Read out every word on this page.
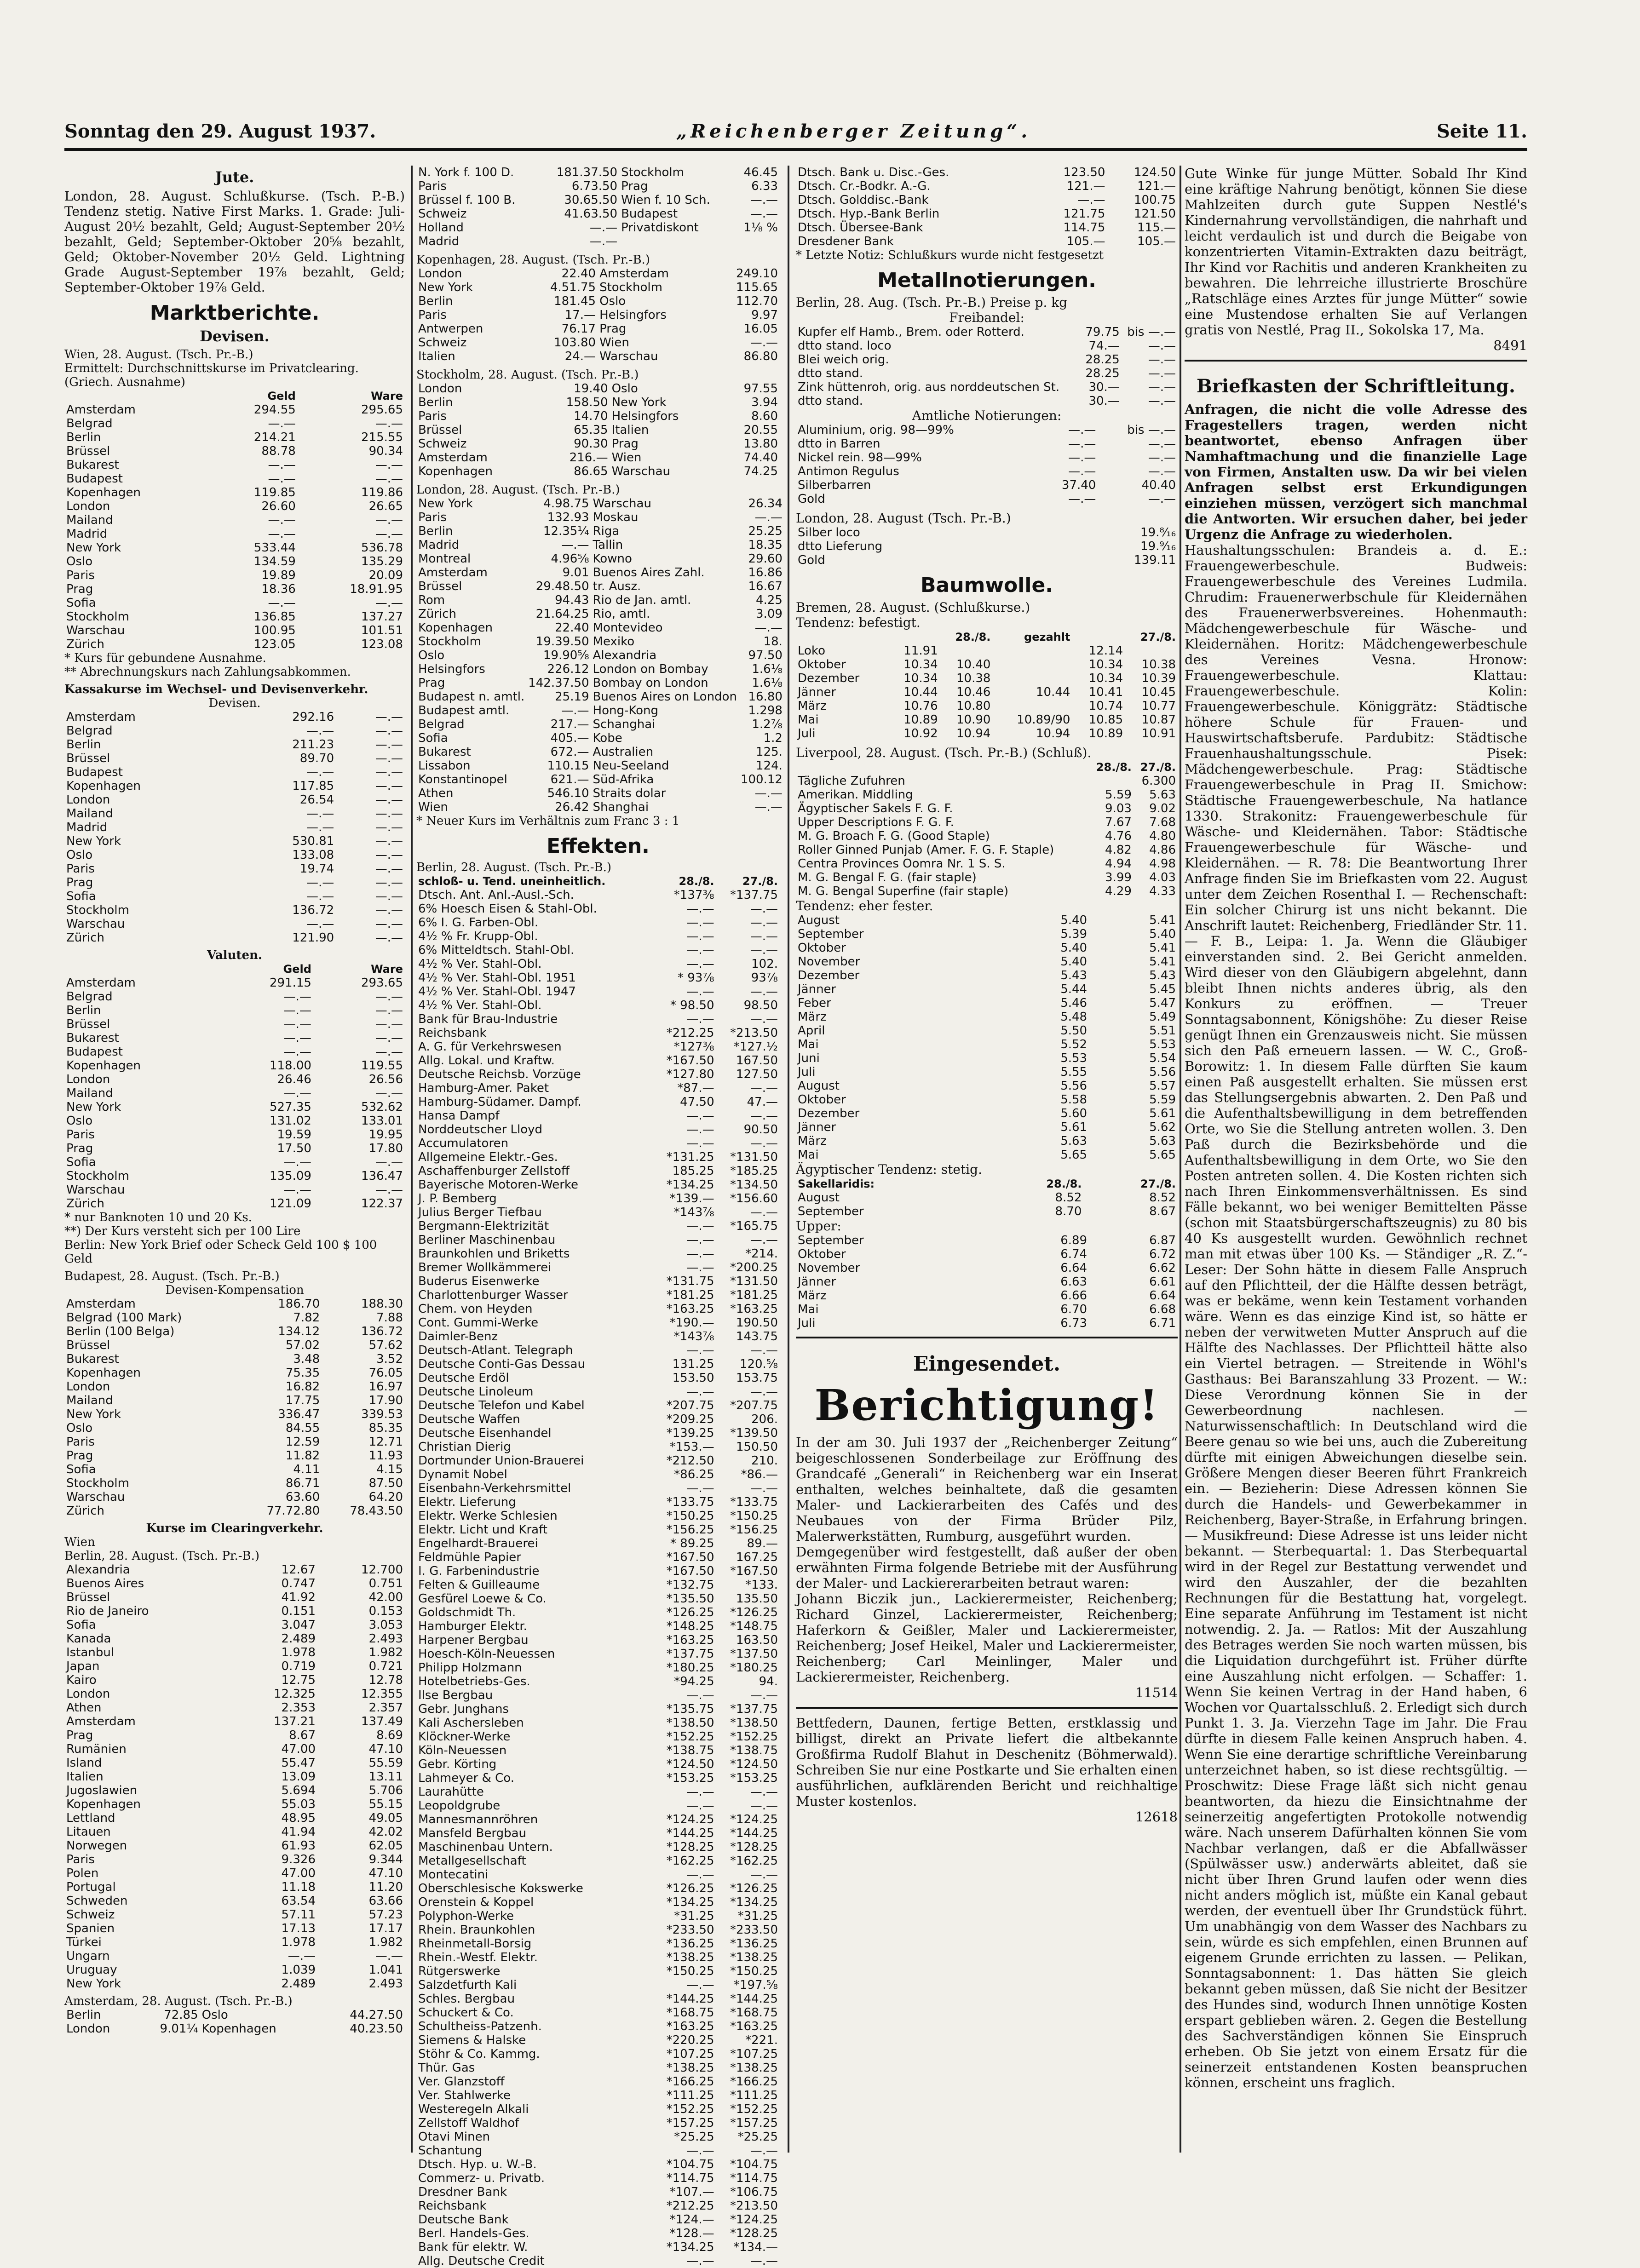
Sonntag den 29. August 1937.	„Reichenberger Zeitung“.	Seite 11.

Jute.

London, 28. August. Schlußkurse. (Tsch. P.-B.) Tendenz stetig. Native First Marks. 1. Grade: Juli-August 20½ bezahlt, Geld; August-September 20½ bezahlt, Geld; September-Oktober 20⅝ bezahlt, Geld; Oktober-November 20½ Geld. Lightning Grade August-September 19⅞ bezahlt, Geld; September-Oktober 19⅞ Geld.

Marktberichte.

Devisen.

Wien, 28. August. (Tsch. Pr.-B.)

Ermittelt: Durchschnittskurse im Privatclearing. (Griech. Ausnahme)

	Geld	Ware
Amsterdam	294.55	295.65
Belgrad	—.—	—.—
Berlin	214.21	215.55
Brüssel	88.78	90.34
Bukarest	—.—	—.—
Budapest	—.—	—.—
Kopenhagen	119.85	119.86
London	26.60	26.65
Mailand	—.—	—.—
Madrid	—.—	—.—
New York	533.44	536.78
Oslo	134.59	135.29
Paris	19.89	20.09
Prag	18.36	18.91.95
Sofia	—.—	—.—
Stockholm	136.85	137.27
Warschau	100.95	101.51
Zürich	123.05	123.08

* Kurs für gebundene Ausnahme.

** Abrechnungskurs nach Zahlungsabkommen.

Kassakurse im Wechsel- und Devisenverkehr.

Devisen.

Amsterdam	292.16	—.—
Belgrad	—.—	—.—
Berlin	211.23	—.—
Brüssel	89.70	—.—
Budapest	—.—	—.—
Kopenhagen	117.85	—.—
London	26.54	—.—
Mailand	—.—	—.—
Madrid	—.—	—.—
New York	530.81	—.—
Oslo	133.08	—.—
Paris	19.74	—.—
Prag	—.—	—.—
Sofia	—.—	—.—
Stockholm	136.72	—.—
Warschau	—.—	—.—
Zürich	121.90	—.—

Valuten.

	Geld	Ware
Amsterdam	291.15	293.65
Belgrad	—.—	—.—
Berlin	—.—	—.—
Brüssel	—.—	—.—
Bukarest	—.—	—.—
Budapest	—.—	—.—
Kopenhagen	118.00	119.55
London	26.46	26.56
Mailand	—.—	—.—
New York	527.35	532.62
Oslo	131.02	133.01
Paris	19.59	19.95
Prag	17.50	17.80
Sofia	—.—	—.—
Stockholm	135.09	136.47
Warschau	—.—	—.—
Zürich	121.09	122.37

* nur Banknoten 10 und 20 Ks.

**) Der Kurs versteht sich per 100 Lire

Berlin: New York Brief oder Scheck Geld 100 $ 100 Geld

Budapest, 28. August. (Tsch. Pr.-B.)

Devisen-Kompensation

Amsterdam	186.70	188.30
Belgrad (100 Mark)	7.82	7.88
Berlin (100 Belga)	134.12	136.72
Brüssel	57.02	57.62
Bukarest	3.48	3.52
Kopenhagen	75.35	76.05
London	16.82	16.97
Mailand	17.75	17.90
New York	336.47	339.53
Oslo	84.55	85.35
Paris	12.59	12.71
Prag	11.82	11.93
Sofia	4.11	4.15
Stockholm	86.71	87.50
Warschau	63.60	64.20
Zürich	77.72.80	78.43.50

Kurse im Clearingverkehr.

Wien

Berlin, 28. August. (Tsch. Pr.-B.)

Alexandria	12.67	12.700
Buenos Aires	0.747	0.751
Brüssel	41.92	42.00
Rio de Janeiro	0.151	0.153
Sofia	3.047	3.053
Kanada	2.489	2.493
Istanbul	1.978	1.982
Japan	0.719	0.721
Kairo	12.75	12.78
London	12.325	12.355
Athen	2.353	2.357
Amsterdam	137.21	137.49
Prag	8.67	8.69
Rumänien	47.00	47.10
Island	55.47	55.59
Italien	13.09	13.11
Jugoslawien	5.694	5.706
Kopenhagen	55.03	55.15
Lettland	48.95	49.05
Litauen	41.94	42.02
Norwegen	61.93	62.05
Paris	9.326	9.344
Polen	47.00	47.10
Portugal	11.18	11.20
Schweden	63.54	63.66
Schweiz	57.11	57.23
Spanien	17.13	17.17
Türkei	1.978	1.982
Ungarn	—.—	—.—
Uruguay	1.039	1.041
New York	2.489	2.493

Amsterdam, 28. August. (Tsch. Pr.-B.)

Berlin	72.85	Oslo	44.27.50
London	9.01¼	Kopenhagen	40.23.50
N. York f. 100 D.	181.37.50	Stockholm	46.45
Paris	6.73.50	Prag	6.33
Brüssel f. 100 B.	30.65.50	Wien f. 10 Sch.	—.—
Schweiz	41.63.50	Budapest	—.—
Holland	—.—	Privatdiskont	1⅛ %
Madrid	—.—		

Kopenhagen, 28. August. (Tsch. Pr.-B.)

London	22.40	Amsterdam	249.10
New York	4.51.75	Stockholm	115.65
Berlin	181.45	Oslo	112.70
Paris	17.—	Helsingfors	9.97
Antwerpen	76.17	Prag	16.05
Schweiz	103.80	Wien	—.—
Italien	24.—	Warschau	86.80

Stockholm, 28. August. (Tsch. Pr.-B.)

London	19.40	Oslo	97.55
Berlin	158.50	New York	3.94
Paris	14.70	Helsingfors	8.60
Brüssel	65.35	Italien	20.55
Schweiz	90.30	Prag	13.80
Amsterdam	216.—	Wien	74.40
Kopenhagen	86.65	Warschau	74.25

London, 28. August. (Tsch. Pr.-B.)

New York	4.98.75	Warschau	26.34
Paris	132.93	Moskau	—.—
Berlin	12.35¼	Riga	25.25
Madrid	—.—	Tallin	18.35
Montreal	4.96⅝	Kowno	29.60
Amsterdam	9.01	Buenos Aires Zahl.	16.86
Brüssel	29.48.50	tr. Ausz.	16.67
Rom	94.43	Rio de Jan. amtl.	4.25
Zürich	21.64.25	Rio, amtl.	3.09
Kopenhagen	22.40	Montevideo	—.—
Stockholm	19.39.50	Mexiko	18.
Oslo	19.90⅝	Alexandria	97.50
Helsingfors	226.12	London on Bombay	1.6⅛
Prag	142.37.50	Bombay on London	1.6⅛
Budapest n. amtl.	25.19	Buenos Aires on London	16.80
Budapest amtl.	—.—	Hong-Kong	1.298
Belgrad	217.—	Schanghai	1.2⅞
Sofia	405.—	Kobe	1.2
Bukarest	672.—	Australien	125.
Lissabon	110.15	Neu-Seeland	124.
Konstantinopel	621.—	Süd-Afrika	100.12
Athen	546.10	Straits dolar	—.—
Wien	26.42	Shanghai	—.—

* Neuer Kurs im Verhältnis zum Franc 3 : 1

Effekten.

Berlin, 28. August. (Tsch. Pr.-B.)

schloß- u. Tend. uneinheitlich.	28./8.	27./8.
Dtsch. Ant. Anl.-Ausl.-Sch.	*137⅜	*137.75
6% Hoesch Eisen & Stahl-Obl.	—.—	—.—
6% I. G. Farben-Obl.	—.—	—.—
4½ % Fr. Krupp-Obl.	—.—	—.—
6% Mitteldtsch. Stahl-Obl.	—.—	—.—
4½ % Ver. Stahl-Obl.	—.—	102.
4½ % Ver. Stahl-Obl. 1951	* 93⅞	93⅞
4½ % Ver. Stahl-Obl. 1947	—.—	—.—
4½ % Ver. Stahl-Obl.	* 98.50	98.50
Bank für Brau-Industrie	—.—	—.—
Reichsbank	*212.25	*213.50
A. G. für Verkehrswesen	*127⅜	*127.½
Allg. Lokal. und Kraftw.	*167.50	167.50
Deutsche Reichsb. Vorzüge	*127.80	127.50
Hamburg-Amer. Paket	*87.—	—.—
Hamburg-Südamer. Dampf.	47.50	47.—
Hansa Dampf	—.—	—.—
Norddeutscher Lloyd	—.—	90.50
Accumulatoren	—.—	—.—
Allgemeine Elektr.-Ges.	*131.25	*131.50
Aschaffenburger Zellstoff	185.25	*185.25
Bayerische Motoren-Werke	*134.25	*134.50
J. P. Bemberg	*139.—	*156.60
Julius Berger Tiefbau	*143⅞	—.—
Bergmann-Elektrizität	—.—	*165.75
Berliner Maschinenbau	—.—	—.—
Braunkohlen und Briketts	—.—	*214.
Bremer Wollkämmerei	—.—	*200.25
Buderus Eisenwerke	*131.75	*131.50
Charlottenburger Wasser	*181.25	*181.25
Chem. von Heyden	*163.25	*163.25
Cont. Gummi-Werke	*190.—	190.50
Daimler-Benz	*143⅞	143.75
Deutsch-Atlant. Telegraph	—.—	—.—
Deutsche Conti-Gas Dessau	131.25	120.⅝
Deutsche Erdöl	153.50	153.75
Deutsche Linoleum	—.—	—.—
Deutsche Telefon und Kabel	*207.75	*207.75
Deutsche Waffen	*209.25	206.
Deutsche Eisenhandel	*139.25	*139.50
Christian Dierig	*153.—	150.50
Dortmunder Union-Brauerei	*212.50	210.
Dynamit Nobel	*86.25	*86.—
Eisenbahn-Verkehrsmittel	—.—	—.—
Elektr. Lieferung	*133.75	*133.75
Elektr. Werke Schlesien	*150.25	*150.25
Elektr. Licht und Kraft	*156.25	*156.25
Engelhardt-Brauerei	* 89.25	89.—
Feldmühle Papier	*167.50	167.25
I. G. Farbenindustrie	*167.50	*167.50
Felten & Guilleaume	*132.75	*133.
Gesfürel Loewe & Co.	*135.50	135.50
Goldschmidt Th.	*126.25	*126.25
Hamburger Elektr.	*148.25	*148.75
Harpener Bergbau	*163.25	163.50
Hoesch-Köln-Neuessen	*137.75	*137.50
Philipp Holzmann	*180.25	*180.25
Hotelbetriebs-Ges.	*94.25	94.
Ilse Bergbau	—.—	—.—
Gebr. Junghans	*135.75	*137.75
Kali Aschersleben	*138.50	*138.50
Klöckner-Werke	*152.25	*152.25
Köln-Neuessen	*138.75	*138.75
Gebr. Körting	*124.50	*124.50
Lahmeyer & Co.	*153.25	*153.25
Laurahütte	—.—	—.—
Leopoldgrube	—.—	—.—
Mannesmannröhren	*124.25	*124.25
Mansfeld Bergbau	*144.25	*144.25
Maschinenbau Untern.	*128.25	*128.25
Metallgesellschaft	*162.25	*162.25
Montecatini	—.—	—.—
Oberschlesische Kokswerke	*126.25	*126.25
Orenstein & Koppel	*134.25	*134.25
Polyphon-Werke	*31.25	*31.25
Rhein. Braunkohlen	*233.50	*233.50
Rheinmetall-Borsig	*136.25	*136.25
Rhein.-Westf. Elektr.	*138.25	*138.25
Rütgerswerke	*150.25	*150.25
Salzdetfurth Kali	—.—	*197.⅝
Schles. Bergbau	*144.25	*144.25
Schuckert & Co.	*168.75	*168.75
Schultheiss-Patzenh.	*163.25	*163.25
Siemens & Halske	*220.25	*221.
Stöhr & Co. Kammg.	*107.25	*107.25
Thür. Gas	*138.25	*138.25
Ver. Glanzstoff	*166.25	*166.25
Ver. Stahlwerke	*111.25	*111.25
Westeregeln Alkali	*152.25	*152.25
Zellstoff Waldhof	*157.25	*157.25
Otavi Minen	*25.25	*25.25
Schantung	—.—	—.—
Dtsch. Hyp. u. W.-B.	*104.75	*104.75
Commerz- u. Privatb.	*114.75	*114.75
Dresdner Bank	*107.—	*106.75
Reichsbank	*212.25	*213.50
Deutsche Bank	*124.—	*124.25
Berl. Handels-Ges.	*128.—	*128.25
Bank für elektr. W.	*134.25	*134.—
Allg. Deutsche Credit	—.—	—.—
Dtsch. Bank u. Disc.-Ges.	123.50	124.50
Dtsch. Cr.-Bodkr. A.-G.	121.—	121.—
Dtsch. Golddisc.-Bank	—.—	100.75
Dtsch. Hyp.-Bank Berlin	121.75	121.50
Dtsch. Übersee-Bank	114.75	115.—
Dresdener Bank	105.—	105.—

* Letzte Notiz: Schlußkurs wurde nicht festgesetzt

Metallnotierungen.

Berlin, 28. Aug. (Tsch. Pr.-B.) Preise p. kg

Freibandel:

Kupfer elf Hamb., Brem. oder Rotterd.	79.75	bis —.—
dtto stand. loco	74.—	—.—
Blei weich orig.	28.25	—.—
dtto stand.	28.25	—.—
Zink hüttenroh, orig. aus norddeutschen St.	30.—	—.—
dtto stand.	30.—	—.—

Amtliche Notierungen:

Aluminium, orig. 98—99%	—.—	bis —.—
dtto in Barren	—.—	—.—
Nickel rein. 98—99%	—.—	—.—
Antimon Regulus	—.—	—.—
Silberbarren	37.40	40.40
Gold	—.—	—.—

London, 28. August (Tsch. Pr.-B.)

Silber loco	19.⁸⁄₁₆
dtto Lieferung	19.⁹⁄₁₆
Gold	139.11

Baumwolle.

Bremen, 28. August. (Schlußkurse.)

Tendenz: befestigt.

	28./8.		gezahlt	27./8.	
Loko	11.91			12.14	
Oktober	10.34	10.40		10.34	10.38
Dezember	10.34	10.38		10.34	10.39
Jänner	10.44	10.46	10.44	10.41	10.45
März	10.76	10.80		10.74	10.77
Mai	10.89	10.90	10.89/90	10.85	10.87
Juli	10.92	10.94	10.94	10.89	10.91

Liverpool, 28. August. (Tsch. Pr.-B.) (Schluß).

	28./8.	27./8.
Tägliche Zufuhren		6.300
Amerikan. Middling	5.59	5.63
Ägyptischer Sakels F. G. F.	9.03	9.02
Upper Descriptions F. G. F.	7.67	7.68
M. G. Broach F. G. (Good Staple)	4.76	4.80
Roller Ginned Punjab (Amer. F. G. F. Staple)	4.82	4.86
Centra Provinces Oomra Nr. 1 S. S.	4.94	4.98
M. G. Bengal F. G. (fair staple)	3.99	4.03
M. G. Bengal Superfine (fair staple)	4.29	4.33

Tendenz: eher fester.

August	5.40	5.41
September	5.39	5.40
Oktober	5.40	5.41
November	5.40	5.41
Dezember	5.43	5.43
Jänner	5.44	5.45
Feber	5.46	5.47
März	5.48	5.49
April	5.50	5.51
Mai	5.52	5.53
Juni	5.53	5.54
Juli	5.55	5.56
August	5.56	5.57
Oktober	5.58	5.59
Dezember	5.60	5.61
Jänner	5.61	5.62
März	5.63	5.63
Mai	5.65	5.65

Ägyptischer Tendenz: stetig.

Sakellaridis:	28./8.	27./8.
August	8.52	8.52
September	8.70	8.67

Upper:

September	6.89	6.87
Oktober	6.74	6.72
November	6.64	6.62
Jänner	6.63	6.61
März	6.66	6.64
Mai	6.70	6.68
Juli	6.73	6.71

Eingesendet.

Berichtigung!

In der am 30. Juli 1937 der „Reichenberger Zeitung“ beigeschlossenen Sonderbeilage zur Eröffnung des Grandcafé „Generali“ in Reichenberg war ein Inserat enthalten, welches beinhaltete, daß die gesamten Maler- und Lackierarbeiten des Cafés und des Neubaues von der Firma Brüder Pilz, Malerwerkstätten, Rumburg, ausgeführt wurden.

Demgegenüber wird festgestellt, daß außer der oben erwähnten Firma folgende Betriebe mit der Ausführung der Maler- und Lackiererarbeiten betraut waren:

Johann Biczik jun., Lackierermeister, Reichenberg; Richard Ginzel, Lackierermeister, Reichenberg; Haferkorn & Geißler, Maler und Lackierermeister, Reichenberg; Josef Heikel, Maler und Lackierermeister, Reichenberg; Carl Meinlinger, Maler und Lackierermeister, Reichenberg.

11514

Bettfedern, Daunen, fertige Betten, erstklassig und billigst, direkt an Private liefert die altbekannte Großfirma Rudolf Blahut in Deschenitz (Böhmerwald). Schreiben Sie nur eine Postkarte und Sie erhalten einen ausführlichen, aufklärenden Bericht und reichhaltige Muster kostenlos.

12618

Gute Winke für junge Mütter. Sobald Ihr Kind eine kräftige Nahrung benötigt, können Sie diese Mahlzeiten durch gute Suppen Nestlé's Kindernahrung vervollständigen, die nahrhaft und leicht verdaulich ist und durch die Beigabe von konzentrierten Vitamin-Extrakten dazu beiträgt, Ihr Kind vor Rachitis und anderen Krankheiten zu bewahren. Die lehrreiche illustrierte Broschüre „Ratschläge eines Arztes für junge Mütter“ sowie eine Mustendose erhalten Sie auf Verlangen gratis von Nestlé, Prag II., Sokolska 17, Ma.

8491

Briefkasten der Schriftleitung.

Anfragen, die nicht die volle Adresse des Fragestellers tragen, werden nicht beantwortet, ebenso Anfragen über Namhaftmachung und die finanzielle Lage von Firmen, Anstalten usw. Da wir bei vielen Anfragen selbst erst Erkundigungen einziehen müssen, verzögert sich manchmal die Antworten. Wir ersuchen daher, bei jeder Urgenz die Anfrage zu wiederholen.

Haushaltungsschulen: Brandeis a. d. E.: Frauengewerbeschule. Budweis: Frauengewerbeschule des Vereines Ludmila. Chrudim: Frauenerwerbschule für Kleidernähen des Frauenerwerbsvereines. Hohenmauth: Mädchengewerbeschule für Wäsche- und Kleidernähen. Horitz: Mädchengewerbeschule des Vereines Vesna. Hronow: Frauengewerbeschule. Klattau: Frauengewerbeschule. Kolin: Frauengewerbeschule. Königgrätz: Städtische höhere Schule für Frauen- und Hauswirtschaftsberufe. Pardubitz: Städtische Frauenhaushaltungsschule. Pisek: Mädchengewerbeschule. Prag: Städtische Frauengewerbeschule in Prag II. Smichow: Städtische Frauengewerbeschule, Na hatlance 1330. Strakonitz: Frauengewerbeschule für Wäsche- und Kleidernähen. Tabor: Städtische Frauengewerbeschule für Wäsche- und Kleidernähen. — R. 78: Die Beantwortung Ihrer Anfrage finden Sie im Briefkasten vom 22. August unter dem Zeichen Rosenthal I. — Rechenschaft: Ein solcher Chirurg ist uns nicht bekannt. Die Anschrift lautet: Reichenberg, Friedländer Str. 11. — F. B., Leipa: 1. Ja. Wenn die Gläubiger einverstanden sind. 2. Bei Gericht anmelden. Wird dieser von den Gläubigern abgelehnt, dann bleibt Ihnen nichts anderes übrig, als den Konkurs zu eröffnen. — Treuer Sonntagsabonnent, Königshöhe: Zu dieser Reise genügt Ihnen ein Grenzausweis nicht. Sie müssen sich den Paß erneuern lassen. — W. C., Groß-Borowitz: 1. In diesem Falle dürften Sie kaum einen Paß ausgestellt erhalten. Sie müssen erst das Stellungsergebnis abwarten. 2. Den Paß und die Aufenthaltsbewilligung in dem betreffenden Orte, wo Sie die Stellung antreten wollen. 3. Den Paß durch die Bezirksbehörde und die Aufenthaltsbewilligung in dem Orte, wo Sie den Posten antreten sollen. 4. Die Kosten richten sich nach Ihren Einkommensverhältnissen. Es sind Fälle bekannt, wo bei weniger Bemittelten Pässe (schon mit Staatsbürgerschaftszeugnis) zu 80 bis 40 Ks ausgestellt wurden. Gewöhnlich rechnet man mit etwas über 100 Ks. — Ständiger „R. Z.“-Leser: Der Sohn hätte in diesem Falle Anspruch auf den Pflichtteil, der die Hälfte dessen beträgt, was er bekäme, wenn kein Testament vorhanden wäre. Wenn es das einzige Kind ist, so hätte er neben der verwitweten Mutter Anspruch auf die Hälfte des Nachlasses. Der Pflichtteil hätte also ein Viertel betragen. — Streitende in Wöhl's Gasthaus: Bei Baranszahlung 33 Prozent. — W.: Diese Verordnung können Sie in der Gewerbeordnung nachlesen. — Naturwissenschaftlich: In Deutschland wird die Beere genau so wie bei uns, auch die Zubereitung dürfte mit einigen Abweichungen dieselbe sein. Größere Mengen dieser Beeren führt Frankreich ein. — Bezieherin: Diese Adressen können Sie durch die Handels- und Gewerbekammer in Reichenberg, Bayer-Straße, in Erfahrung bringen. — Musikfreund: Diese Adresse ist uns leider nicht bekannt. — Sterbequartal: 1. Das Sterbequartal wird in der Regel zur Bestattung verwendet und wird den Auszahler, der die bezahlten Rechnungen für die Bestattung hat, vorgelegt. Eine separate Anführung im Testament ist nicht notwendig. 2. Ja. — Ratlos: Mit der Auszahlung des Betrages werden Sie noch warten müssen, bis die Liquidation durchgeführt ist. Früher dürfte eine Auszahlung nicht erfolgen. — Schaffer: 1. Wenn Sie keinen Vertrag in der Hand haben, 6 Wochen vor Quartalsschluß. 2. Erledigt sich durch Punkt 1. 3. Ja. Vierzehn Tage im Jahr. Die Frau dürfte in diesem Falle keinen Anspruch haben. 4. Wenn Sie eine derartige schriftliche Vereinbarung unterzeichnet haben, so ist diese rechtsgültig. — Proschwitz: Diese Frage läßt sich nicht genau beantworten, da hiezu die Einsichtnahme der seinerzeitig angefertigten Protokolle notwendig wäre. Nach unserem Dafürhalten können Sie vom Nachbar verlangen, daß er die Abfallwässer (Spülwässer usw.) anderwärts ableitet, daß sie nicht über Ihren Grund laufen oder wenn dies nicht anders möglich ist, müßte ein Kanal gebaut werden, der eventuell über Ihr Grundstück führt. Um unabhängig von dem Wasser des Nachbars zu sein, würde es sich empfehlen, einen Brunnen auf eigenem Grunde errichten zu lassen. — Pelikan, Sonntagsabonnent: 1. Das hätten Sie gleich bekannt geben müssen, daß Sie nicht der Besitzer des Hundes sind, wodurch Ihnen unnötige Kosten erspart geblieben wären. 2. Gegen die Bestellung des Sachverständigen können Sie Einspruch erheben. Ob Sie jetzt von einem Ersatz für die seinerzeit entstandenen Kosten beanspruchen können, erscheint uns fraglich.
